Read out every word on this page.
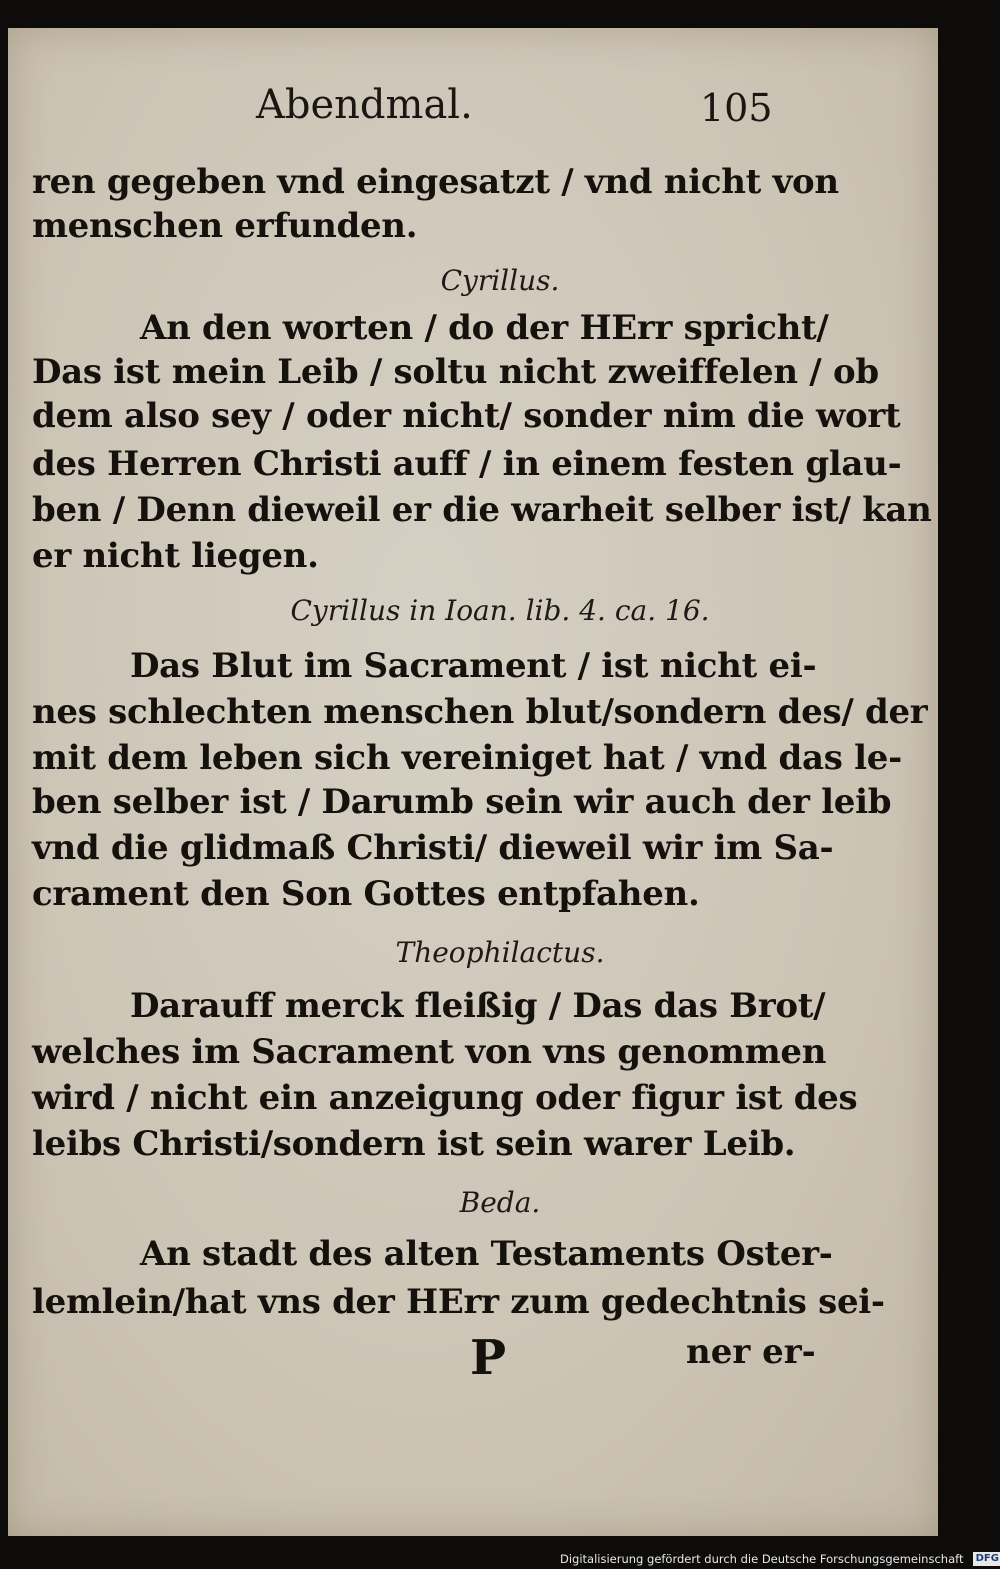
Abendmal.	105
ren gegeben vnd eingesatzt / vnd nicht von
menschen erfunden.
Cyrillus.
An den worten / do der HErr spricht/
Das ist mein Leib / soltu nicht zweiffelen / ob
dem also sey / oder nicht/ sonder nim die wort
des Herren Christi auff / in einem festen glau-
ben / Denn dieweil er die warheit selber ist/ kan
er nicht liegen.
Cyrillus in Ioan. lib. 4. ca. 16.
Das Blut im Sacrament / ist nicht ei-
nes schlechten menschen blut/sondern des/ der
mit dem leben sich vereiniget hat / vnd das le-
ben selber ist / Darumb sein wir auch der leib
vnd die glidmaß Christi/ dieweil wir im Sa-
crament den Son Gottes entpfahen.
Theophilactus.
Darauff merck fleißig / Das das Brot/
welches im Sacrament von vns genommen
wird / nicht ein anzeigung oder figur ist des
leibs Christi/sondern ist sein warer Leib.
Beda.
An stadt des alten Testaments Oster-
lemlein/hat vns der HErr zum gedechtnis sei-
P	ner er-
Digitalisierung gefördert durch die Deutsche Forschungsgemeinschaft DFG
